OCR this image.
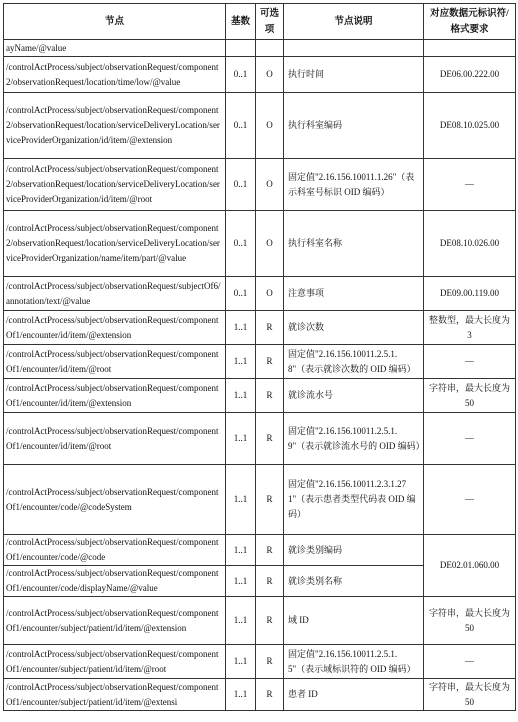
节点	基数	可选项	节点说明	对应数据元标识符/格式要求
ayName/@value				
/controlActProcess/subject/observationRequest/component2/observationRequest/location/time/low/@value	0..1	O	执行时间	DE06.00.222.00
/controlActProcess/subject/observationRequest/component2/observationRequest/location/serviceDeliveryLocation/serviceProviderOrganization/id/item/@extension	0..1	O	执行科室编码	DE08.10.025.00
/controlActProcess/subject/observationRequest/component2/observationRequest/location/serviceDeliveryLocation/serviceProviderOrganization/id/item/@root	0..1	O	固定值"2.16.156.10011.1.26"（表示科室号标识 OID 编码）	—
/controlActProcess/subject/observationRequest/component2/observationRequest/location/serviceDeliveryLocation/serviceProviderOrganization/name/item/part/@value	0..1	O	执行科室名称	DE08.10.026.00
/controlActProcess/subject/observationRequest/subjectOf6/annotation/text/@value	0..1	O	注意事项	DE09.00.119.00
/controlActProcess/subject/observationRequest/componentOf1/encounter/id/item/@extension	1..1	R	就诊次数	整数型，最大长度为 3
/controlActProcess/subject/observationRequest/componentOf1/encounter/id/item/@root	1..1	R	固定值"2.16.156.10011.2.5.1.8"（表示就诊次数的 OID 编码）	—
/controlActProcess/subject/observationRequest/componentOf1/encounter/id/item/@extension	1..1	R	就诊流水号	字符串，最大长度为 50
/controlActProcess/subject/observationRequest/componentOf1/encounter/id/item/@root	1..1	R	固定值"2.16.156.10011.2.5.1.9"（表示就诊流水号的 OID 编码）	—
/controlActProcess/subject/observationRequest/componentOf1/encounter/code/@codeSystem	1..1	R	固定值"2.16.156.10011.2.3.1.271"（表示患者类型代码表 OID 编码）	—
/controlActProcess/subject/observationRequest/componentOf1/encounter/code/@code	1..1	R	就诊类别编码	DE02.01.060.00
/controlActProcess/subject/observationRequest/componentOf1/encounter/code/displayName/@value	1..1	R	就诊类别名称	
/controlActProcess/subject/observationRequest/componentOf1/encounter/subject/patient/id/item/@extension	1..1	R	域 ID	字符串，最大长度为 50
/controlActProcess/subject/observationRequest/componentOf1/encounter/subject/patient/id/item/@root	1..1	R	固定值"2.16.156.10011.2.5.1.5"（表示域标识符的 OID 编码）	—
/controlActProcess/subject/observationRequest/componentOf1/encounter/subject/patient/id/item/@extensi	1..1	R	患者 ID	字符串，最大长度为 50
